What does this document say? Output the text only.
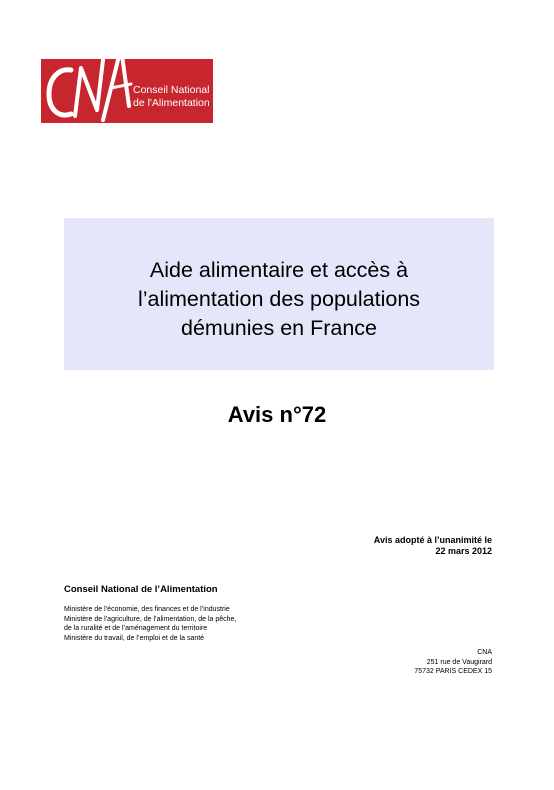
Conseil National
de l'Alimentation
Aide alimentaire et accès à
l’alimentation des populations
démunies en France
Avis n°72
Avis adopté à l’unanimité le
22 mars 2012

Conseil National de l’Alimentation

Ministère de l’économie, des finances et de l’industrie
Ministère de l’agriculture, de l’alimentation, de la pêche,
de la ruralité et de l’aménagement du territoire
Ministère du travail, de l’emploi et de la santé
CNA
251 rue de Vaugirard
75732 PARIS CEDEX 15
